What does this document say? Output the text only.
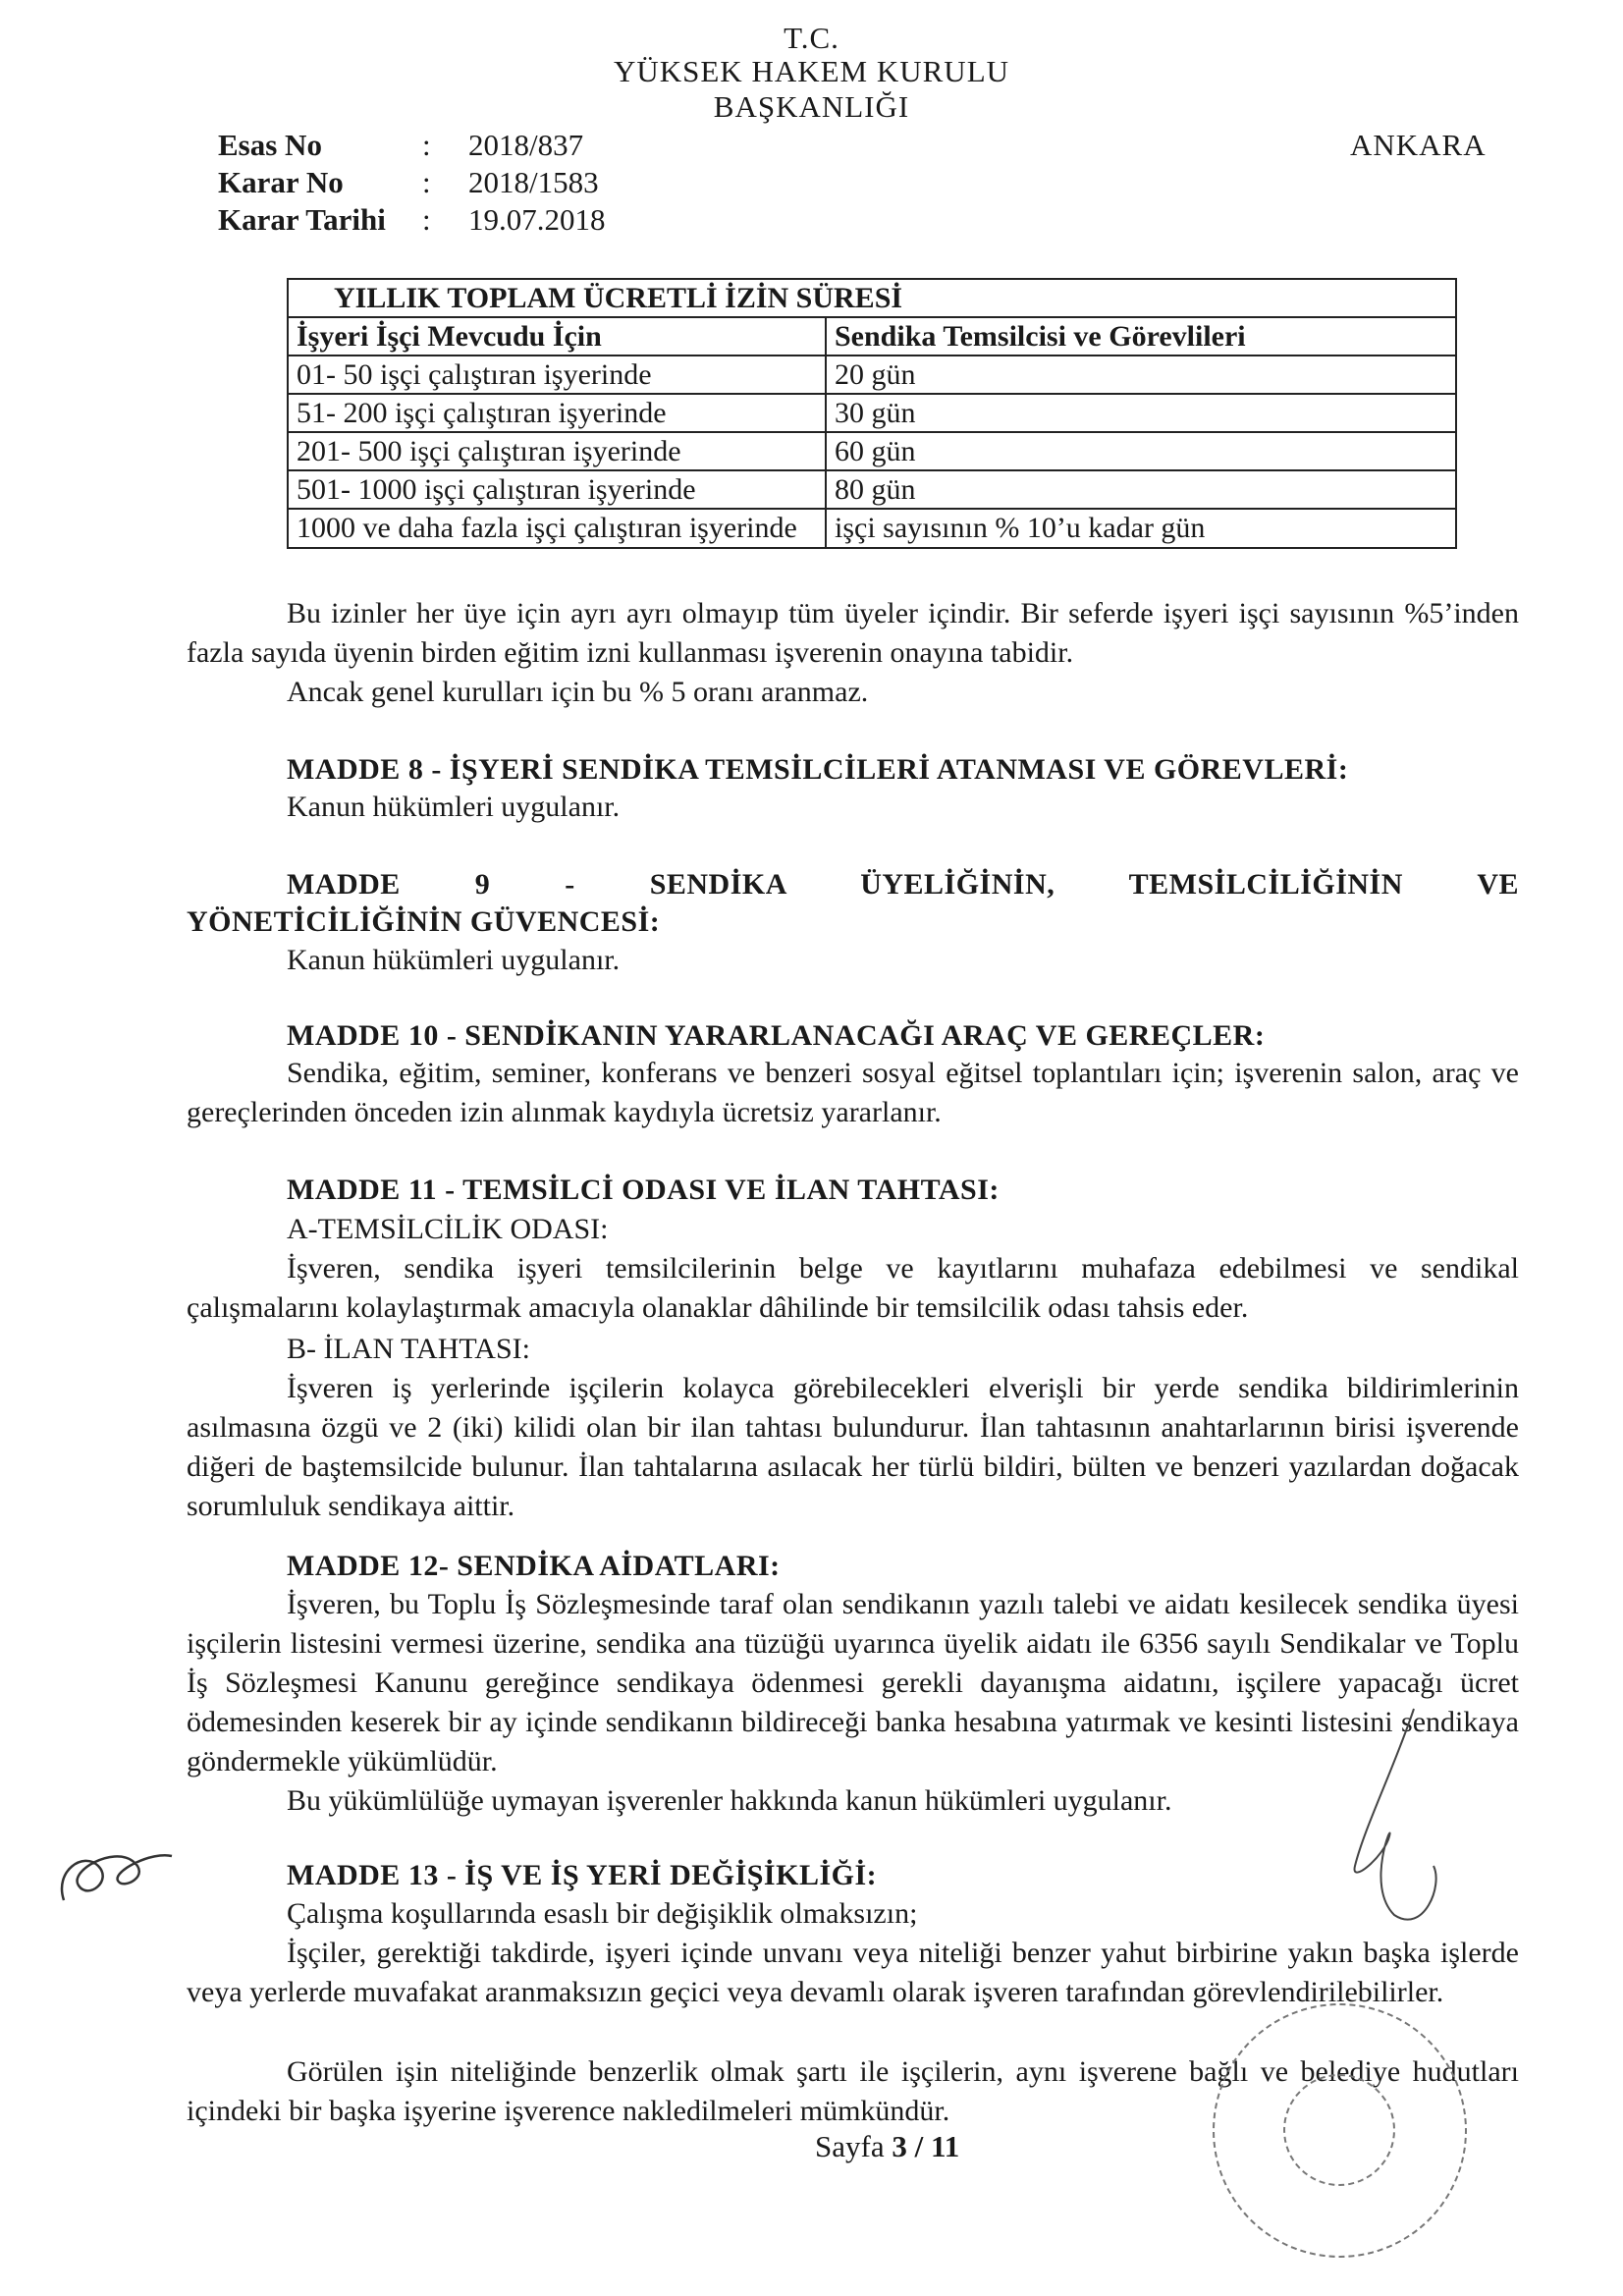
T.C.
YÜKSEK HAKEM KURULU
BAŞKANLIĞI
ANKARA
Esas No	: 2018/837
Karar No	: 2018/1583
Karar Tarihi : 19.07.2018
YILLIK TOPLAM ÜCRETLİ İZİN SÜRESİ	
İşyeri İşçi Mevcudu İçin	Sendika Temsilcisi ve Görevlileri
01- 50 işçi çalıştıran işyerinde	20 gün
51- 200 işçi çalıştıran işyerinde	30 gün
201- 500 işçi çalıştıran işyerinde	60 gün
501- 1000 işçi çalıştıran işyerinde	80 gün
1000 ve daha fazla işçi çalıştıran işyerinde	işçi sayısının % 10’u kadar gün
Bu izinler her üye için ayrı ayrı olmayıp tüm üyeler içindir. Bir seferde işyeri işçi sayısının %5’inden fazla sayıda üyenin birden eğitim izni kullanması işverenin onayına tabidir.
Ancak genel kurulları için bu % 5 oranı aranmaz.
MADDE 8 - İŞYERİ SENDİKA TEMSİLCİLERİ ATANMASI VE GÖREVLERİ:
Kanun hükümleri uygulanır.
MADDE 9 - SENDİKA ÜYELİĞİNİN, TEMSİLCİLİĞİNİN VE
YÖNETİCİLİĞİNİN GÜVENCESİ:
Kanun hükümleri uygulanır.
MADDE 10 - SENDİKANIN YARARLANACAĞI ARAÇ VE GEREÇLER:
Sendika, eğitim, seminer, konferans ve benzeri sosyal eğitsel toplantıları için; işverenin salon, araç ve gereçlerinden önceden izin alınmak kaydıyla ücretsiz yararlanır.
MADDE 11 - TEMSİLCİ ODASI VE İLAN TAHTASI:
A-TEMSİLCİLİK ODASI:
İşveren, sendika işyeri temsilcilerinin belge ve kayıtlarını muhafaza edebilmesi ve sendikal çalışmalarını kolaylaştırmak amacıyla olanaklar dâhilinde bir temsilcilik odası tahsis eder.
B- İLAN TAHTASI:
İşveren iş yerlerinde işçilerin kolayca görebilecekleri elverişli bir yerde sendika bildirimlerinin asılmasına özgü ve 2 (iki) kilidi olan bir ilan tahtası bulundurur. İlan tahtasının anahtarlarının birisi işverende diğeri de baştemsilcide bulunur. İlan tahtalarına asılacak her türlü bildiri, bülten ve benzeri yazılardan doğacak sorumluluk sendikaya aittir.
MADDE 12- SENDİKA AİDATLARI:
İşveren, bu Toplu İş Sözleşmesinde taraf olan sendikanın yazılı talebi ve aidatı kesilecek sendika üyesi işçilerin listesini vermesi üzerine, sendika ana tüzüğü uyarınca üyelik aidatı ile 6356 sayılı Sendikalar ve Toplu İş Sözleşmesi Kanunu gereğince sendikaya ödenmesi gerekli dayanışma aidatını, işçilere yapacağı ücret ödemesinden keserek bir ay içinde sendikanın bildireceği banka hesabına yatırmak ve kesinti listesini sendikaya göndermekle yükümlüdür.
Bu yükümlülüğe uymayan işverenler hakkında kanun hükümleri uygulanır.
MADDE 13 - İŞ VE İŞ YERİ DEĞİŞİKLİĞİ:
Çalışma koşullarında esaslı bir değişiklik olmaksızın;
İşçiler, gerektiği takdirde, işyeri içinde unvanı veya niteliği benzer yahut birbirine yakın başka işlerde veya yerlerde muvafakat aranmaksızın geçici veya devamlı olarak işveren tarafından görevlendirilebilirler.
Görülen işin niteliğinde benzerlik olmak şartı ile işçilerin, aynı işverene bağlı ve belediye hudutları içindeki bir başka işyerine işverence nakledilmeleri mümkündür.
Sayfa 3 / 11
